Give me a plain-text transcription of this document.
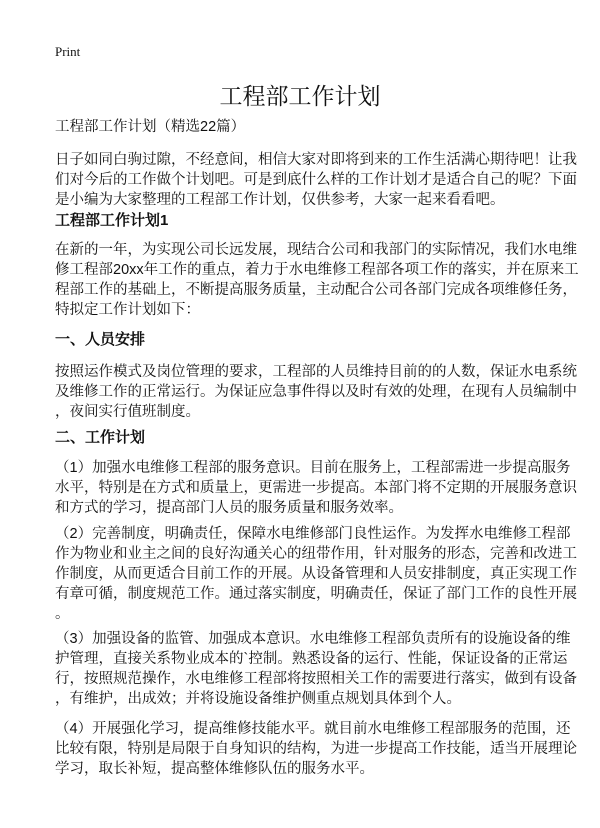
Print
工程部工作计划
工程部工作计划（精选22篇）
日子如同白驹过隙，不经意间，相信大家对即将到来的工作生活满心期待吧！让我
们对今后的工作做个计划吧。可是到底什么样的工作计划才是适合自己的呢？下面
是小编为大家整理的工程部工作计划，仅供参考，大家一起来看看吧。
工程部工作计划1
在新的一年，为实现公司长远发展，现结合公司和我部门的实际情况，我们水电维
修工程部20xx年工作的重点，着力于水电维修工程部各项工作的落实，并在原来工
程部工作的基础上，不断提高服务质量，主动配合公司各部门完成各项维修任务，
特拟定工作计划如下：
一、人员安排
按照运作模式及岗位管理的要求，工程部的人员维持目前的的人数，保证水电系统
及维修工作的正常运行。为保证应急事件得以及时有效的处理，在现有人员编制中
，夜间实行值班制度。
二、工作计划
（1）加强水电维修工程部的服务意识。目前在服务上，工程部需进一步提高服务
水平，特别是在方式和质量上，更需进一步提高。本部门将不定期的开展服务意识
和方式的学习，提高部门人员的服务质量和服务效率。
（2）完善制度，明确责任，保障水电维修部门良性运作。为发挥水电维修工程部
作为物业和业主之间的良好沟通关心的纽带作用，针对服务的形态，完善和改进工
作制度，从而更适合目前工作的开展。从设备管理和人员安排制度，真正实现工作
有章可循，制度规范工作。通过落实制度，明确责任，保证了部门工作的良性开展
。
（3）加强设备的监管、加强成本意识。水电维修工程部负责所有的设施设备的维
护管理，直接关系物业成本的`控制。熟悉设备的运行、性能，保证设备的正常运
行，按照规范操作，水电维修工程部将按照相关工作的需要进行落实，做到有设备
，有维护，出成效；并将设施设备维护侧重点规划具体到个人。
（4）开展强化学习，提高维修技能水平。就目前水电维修工程部服务的范围，还
比较有限，特别是局限于自身知识的结构，为进一步提高工作技能，适当开展理论
学习，取长补短，提高整体维修队伍的服务水平。
